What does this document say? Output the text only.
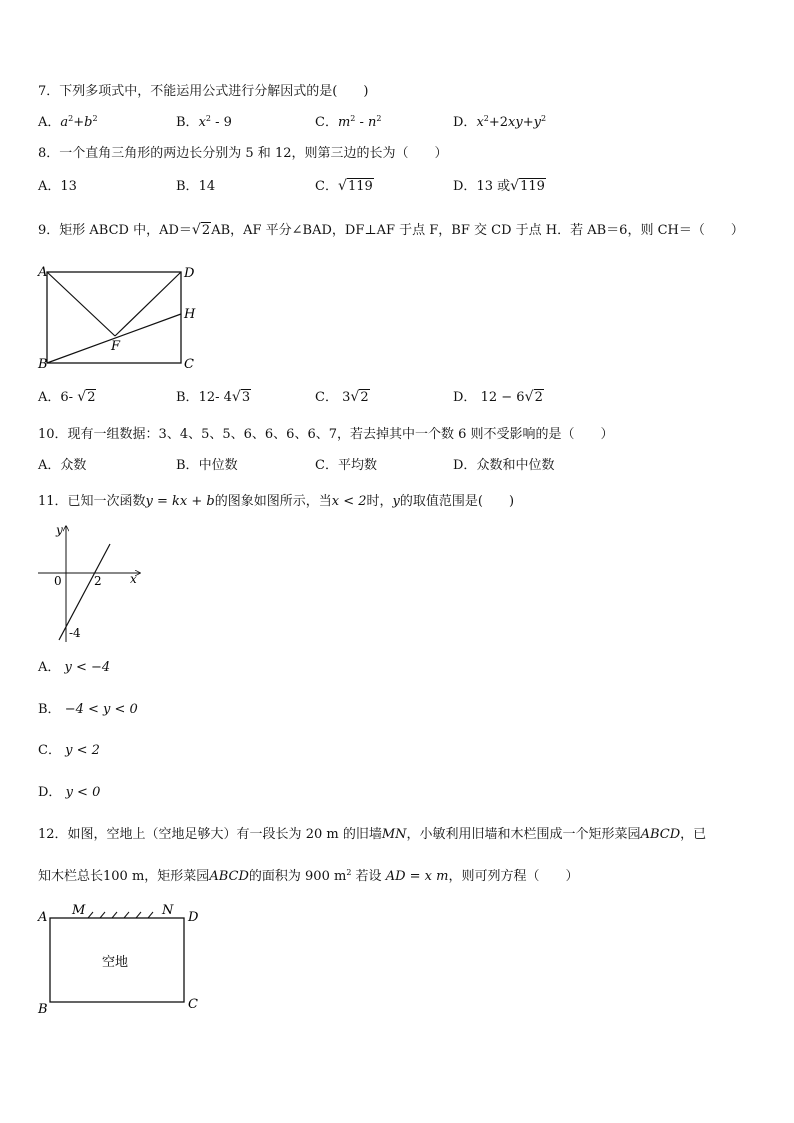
7．下列多项式中，不能运用公式进行分解因式的是(　　)
A．$a^2+b^2$	B．$x^2 - 9$	C．$m^2 - n^2$	D．$x^2+2xy+y^2$
8．一个直角三角形的两边长分别为 5 和 12，则第三边的长为（　　）
A．13	B．14	C． √ 119	D．13 或 √ 119
9．矩形 ABCD 中，AD＝ √ 2AB，AF 平分∠BAD，DF⊥AF 于点 F，BF 交 CD 于点 H．若 AB＝6，则 CH＝（　　）
A	D
B	C
H
F
A．6- √ 2	B．12- 4 √ 3	C． 3 √ 2	D． 12 − 6 √ 2
10．现有一组数据：3、4、5、5、6、6、6、6、7，若去掉其中一个数 6 则不受影响的是（　　）
A．众数	B．中位数	C．平均数	D．众数和中位数
11．已知一次函数y = kx + b的图象如图所示，当x < 2时，y的取值范围是(　　)
y
x
0	2
-4
A． y < −4
B． −4 < y < 0
C． y < 2
D． y < 0
12．如图，空地上（空地足够大）有一段长为 20 m 的旧墙MN，小敏利用旧墙和木栏围成一个矩形菜园ABCD，已
知木栏总长100 m，矩形菜园ABCD的面积为 900 $m^2$ 若设 AD = x m，则可列方程（　　）
A	D
B	C
M	N
空地
